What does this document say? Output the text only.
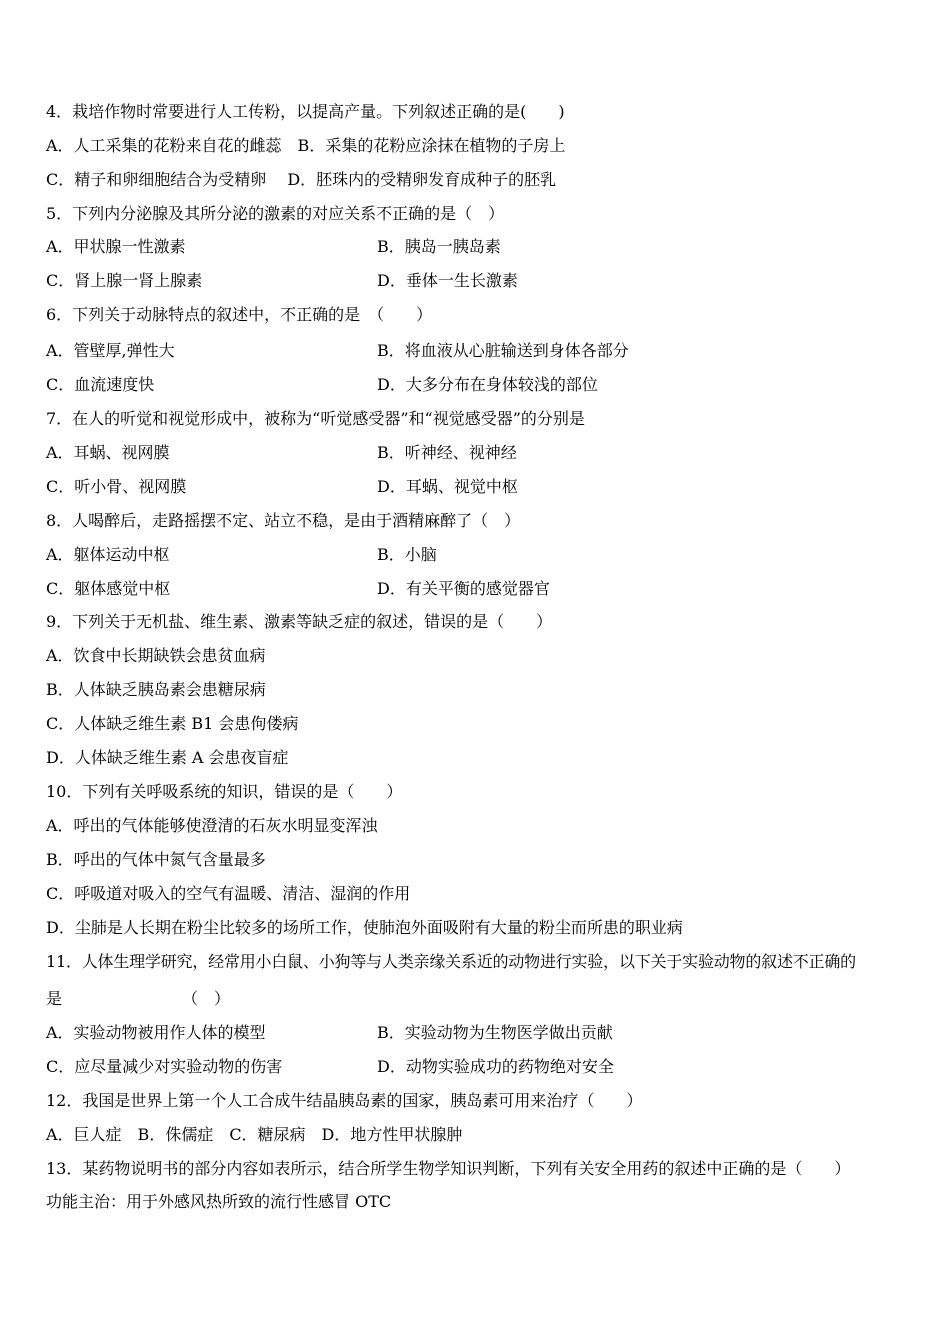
4．栽培作物时常要进行人工传粉，以提高产量。下列叙述正确的是(　　)
A．人工采集的花粉来自花的雌蕊　B．采集的花粉应涂抹在植物的子房上
C．精子和卵细胞结合为受精卵　 D．胚珠内的受精卵发育成种子的胚乳
5．下列内分泌腺及其所分泌的激素的对应关系不正确的是（　）
A．甲状腺一性激素	B．胰岛一胰岛素
C．肾上腺一肾上腺素	D．垂体一生长激素
6．下列关于动脉特点的叙述中，不正确的是　（　　）
A．管壁厚,弹性大	B．将血液从心脏输送到身体各部分
C．血流速度快	D．大多分布在身体较浅的部位
7．在人的听觉和视觉形成中，被称为“听觉感受器”和“视觉感受器”的分别是
A．耳蜗、视网膜	B．听神经、视神经
C．听小骨、视网膜	D．耳蜗、视觉中枢
8．人喝醉后，走路摇摆不定、站立不稳，是由于酒精麻醉了（　）
A．躯体运动中枢	B．小脑
C．躯体感觉中枢	D．有关平衡的感觉器官
9．下列关于无机盐、维生素、激素等缺乏症的叙述，错误的是（　　）
A．饮食中长期缺铁会患贫血病
B．人体缺乏胰岛素会患糖尿病
C．人体缺乏维生素 B1 会患佝偻病
D．人体缺乏维生素 A 会患夜盲症
10．下列有关呼吸系统的知识，错误的是（　　）
A．呼出的气体能够使澄清的石灰水明显变浑浊
B．呼出的气体中氮气含量最多
C．呼吸道对吸入的空气有温暖、清洁、湿润的作用
D．尘肺是人长期在粉尘比较多的场所工作，使肺泡外面吸附有大量的粉尘而所患的职业病
11．人体生理学研究，经常用小白鼠、小狗等与人类亲缘关系近的动物进行实验，以下关于实验动物的叙述不正确的
是　　　　　　　　（　）
A．实验动物被用作人体的模型	B．实验动物为生物医学做出贡献
C．应尽量减少对实验动物的伤害	D．动物实验成功的药物绝对安全
12．我国是世界上第一个人工合成牛结晶胰岛素的国家，胰岛素可用来治疗（　　）
A．巨人症　B．侏儒症　C．糖尿病　D．地方性甲状腺肿
13．某药物说明书的部分内容如表所示，结合所学生物学知识判断，下列有关安全用药的叙述中正确的是（　　）
功能主治：用于外感风热所致的流行性感冒 OTC
